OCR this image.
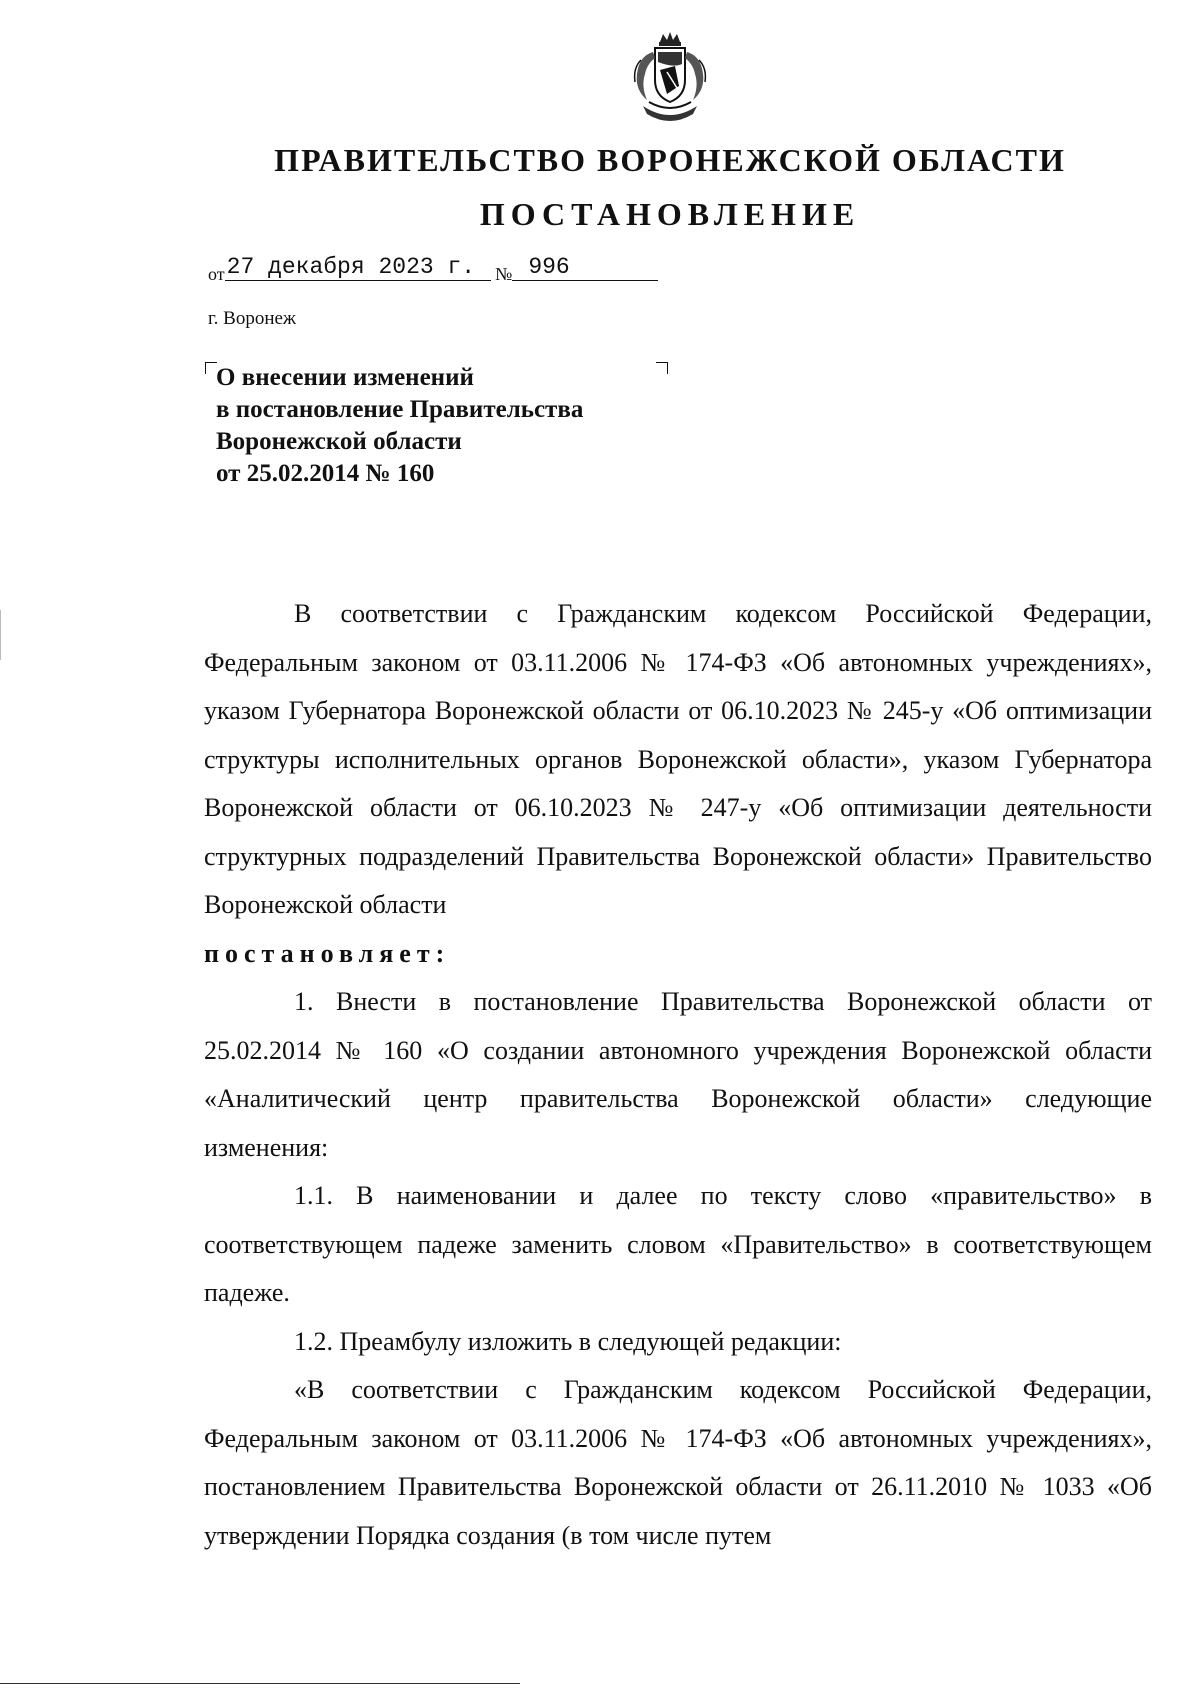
ПРАВИТЕЛЬСТВО ВОРОНЕЖСКОЙ ОБЛАСТИ
ПОСТАНОВЛЕНИЕ
от27 декабря 2023 г. № 996
г. Воронеж
О внесении изменений
в постановление Правительства
Воронежской области
от 25.02.2014 № 160

В соответствии с Гражданским кодексом Российской Федерации, Федеральным законом от 03.11.2006 № 174-ФЗ «Об автономных учреждениях», указом Губернатора Воронежской области от 06.10.2023 № 245-у «Об оптимизации структуры исполнительных органов Воронежской области», указом Губернатора Воронежской области от 06.10.2023 № 247-у «Об оптимизации деятельности структурных подразделений Правительства Воронежской области» Правительство Воронежской области

постановляет:

1. Внести в постановление Правительства Воронежской области от 25.02.2014 № 160 «О создании автономного учреждения Воронежской области «Аналитический центр правительства Воронежской области» следующие изменения:

1.1. В наименовании и далее по тексту слово «правительство» в соответствующем падеже заменить словом «Правительство» в соответствующем падеже.

1.2. Преамбулу изложить в следующей редакции:

«В соответствии с Гражданским кодексом Российской Федерации, Федеральным законом от 03.11.2006 № 174-ФЗ «Об автономных учреждениях», постановлением Правительства Воронежской области от 26.11.2010 № 1033 «Об утверждении Порядка создания (в том числе путем
